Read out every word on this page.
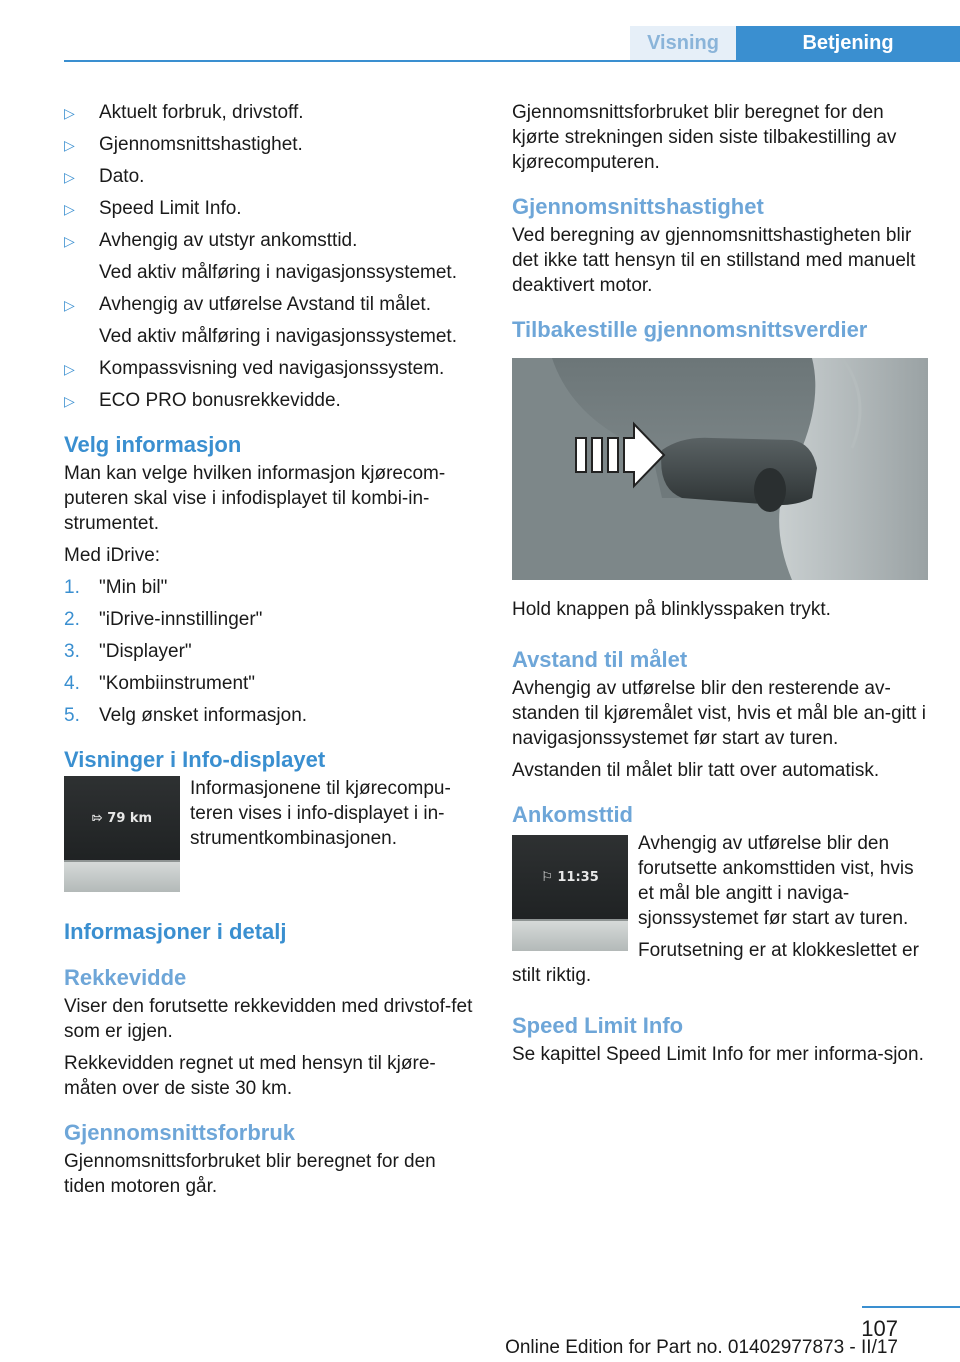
Visning	Betjening
▷ Aktuelt forbruk, drivstoff.
▷ Gjennomsnittshastighet.
▷ Dato.
▷ Speed Limit Info.
▷ Avhengig av utstyr ankomsttid.
Ved aktiv målføring i navigasjonssystemet.
▷ Avhengig av utførelse Avstand til målet.
Ved aktiv målføring i navigasjonssystemet.
▷ Kompassvisning ved navigasjonssystem.
▷ ECO PRO bonusrekkevidde.
Velg informasjon

Man kan velge hvilken informasjon kjørecom-puteren skal vise i infodisplayet til kombi-in-strumentet.

Med iDrive:

1. "Min bil"
2. "iDrive-innstillinger"
3. "Displayer"
4. "Kombiinstrument"
5. Velg ønsket informasjon.
Visninger i Info-displayet
⇰ 79 km

Informasjonene til kjørecompu-teren vises i info-displayet i in-strumentkombinasjonen.

Informasjoner i detalj
Rekkevidde

Viser den forutsette rekkevidden med drivstof-fet som er igjen.

Rekkevidden regnet ut med hensyn til kjøre-måten over de siste 30 km.

Gjennomsnittsforbruk

Gjennomsnittsforbruket blir beregnet for den tiden motoren går.

Gjennomsnittsforbruket blir beregnet for den kjørte strekningen siden siste tilbakestilling av kjørecomputeren.

Gjennomsnittshastighet

Ved beregning av gjennomsnittshastigheten blir det ikke tatt hensyn til en stillstand med manuelt deaktivert motor.

Tilbakestille gjennomsnittsverdier

Hold knappen på blinklysspaken trykt.

Avstand til målet

Avhengig av utførelse blir den resterende av-standen til kjøremålet vist, hvis et mål ble an-gitt i navigasjonssystemet før start av turen.

Avstanden til målet blir tatt over automatisk.

Ankomsttid
⚐ 11:35

Avhengig av utførelse blir den forutsette ankomsttiden vist, hvis et mål ble angitt i naviga-sjonssystemet før start av turen.

Forutsetning er at klokkeslettet er stilt riktig.

Speed Limit Info

Se kapittel Speed Limit Info for mer informa-sjon.

107
Online Edition for Part no. 01402977873 - II/17
